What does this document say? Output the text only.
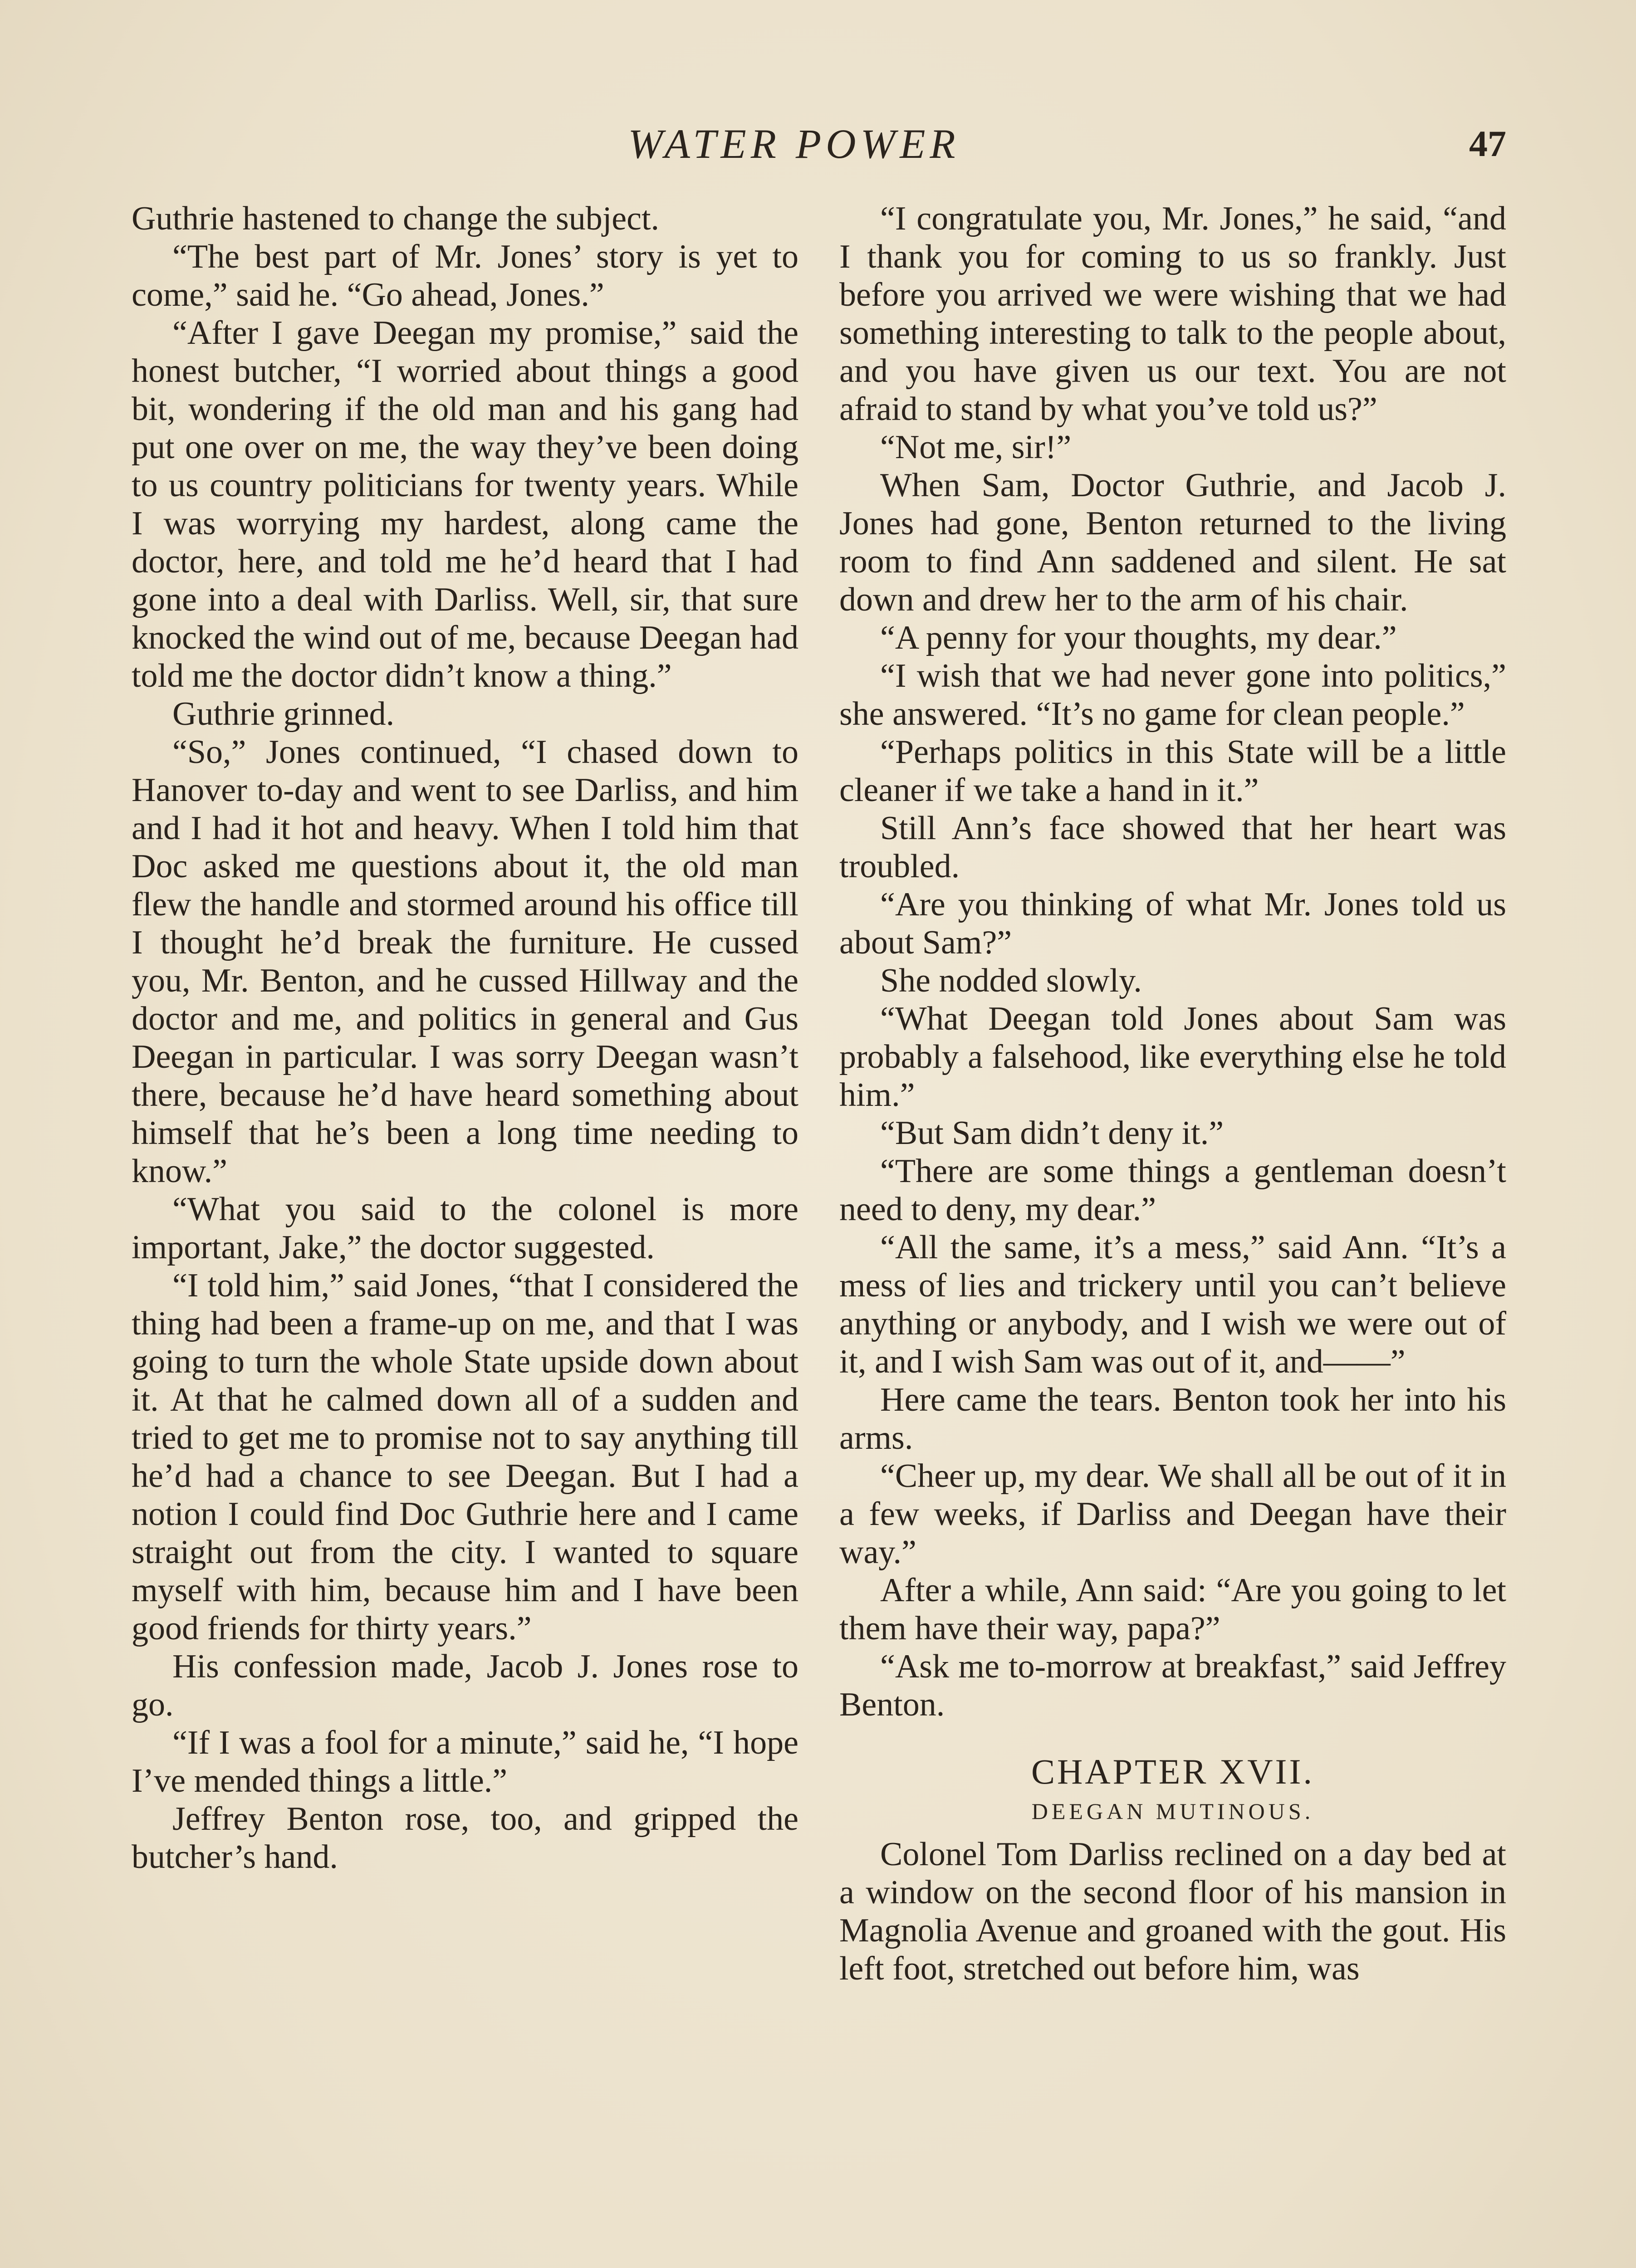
WATER POWER	47

Guthrie hastened to change the subject.

“The best part of Mr. Jones’ story is yet to come,” said he. “Go ahead, Jones.”

“After I gave Deegan my promise,” said the honest butcher, “I worried about things a good bit, wondering if the old man and his gang had put one over on me, the way they’ve been doing to us country politicians for twenty years. While I was worrying my hardest, along came the doctor, here, and told me he’d heard that I had gone into a deal with Darliss. Well, sir, that sure knocked the wind out of me, because Deegan had told me the doctor didn’t know a thing.”

Guthrie grinned.

“So,” Jones continued, “I chased down to Hanover to-day and went to see Darliss, and him and I had it hot and heavy. When I told him that Doc asked me questions about it, the old man flew the handle and stormed around his office till I thought he’d break the furniture. He cussed you, Mr. Benton, and he cussed Hillway and the doctor and me, and politics in general and Gus Deegan in particular. I was sorry Deegan wasn’t there, because he’d have heard something about himself that he’s been a long time needing to know.”

“What you said to the colonel is more important, Jake,” the doctor suggested.

“I told him,” said Jones, “that I considered the thing had been a frame-up on me, and that I was going to turn the whole State upside down about it. At that he calmed down all of a sudden and tried to get me to promise not to say anything till he’d had a chance to see Deegan. But I had a notion I could find Doc Guthrie here and I came straight out from the city. I wanted to square myself with him, because him and I have been good friends for thirty years.”

His confession made, Jacob J. Jones rose to go.

“If I was a fool for a minute,” said he, “I hope I’ve mended things a little.”

Jeffrey Benton rose, too, and gripped the butcher’s hand.

“I congratulate you, Mr. Jones,” he said, “and I thank you for coming to us so frankly. Just before you arrived we were wishing that we had something interesting to talk to the people about, and you have given us our text. You are not afraid to stand by what you’ve told us?”

“Not me, sir!”

When Sam, Doctor Guthrie, and Jacob J. Jones had gone, Benton returned to the living room to find Ann saddened and silent. He sat down and drew her to the arm of his chair.

“A penny for your thoughts, my dear.”

“I wish that we had never gone into politics,” she answered. “It’s no game for clean people.”

“Perhaps politics in this State will be a little cleaner if we take a hand in it.”

Still Ann’s face showed that her heart was troubled.

“Are you thinking of what Mr. Jones told us about Sam?”

She nodded slowly.

“What Deegan told Jones about Sam was probably a falsehood, like everything else he told him.”

“But Sam didn’t deny it.”

“There are some things a gentleman doesn’t need to deny, my dear.”

“All the same, it’s a mess,” said Ann. “It’s a mess of lies and trickery until you can’t believe anything or anybody, and I wish we were out of it, and I wish Sam was out of it, and——”

Here came the tears. Benton took her into his arms.

“Cheer up, my dear. We shall all be out of it in a few weeks, if Darliss and Deegan have their way.”

After a while, Ann said: “Are you going to let them have their way, papa?”

“Ask me to-morrow at breakfast,” said Jeffrey Benton.

CHAPTER XVII.
DEEGAN MUTINOUS.

Colonel Tom Darliss reclined on a day bed at a window on the second floor of his mansion in Magnolia Avenue and groaned with the gout. His left foot, stretched out before him, was
